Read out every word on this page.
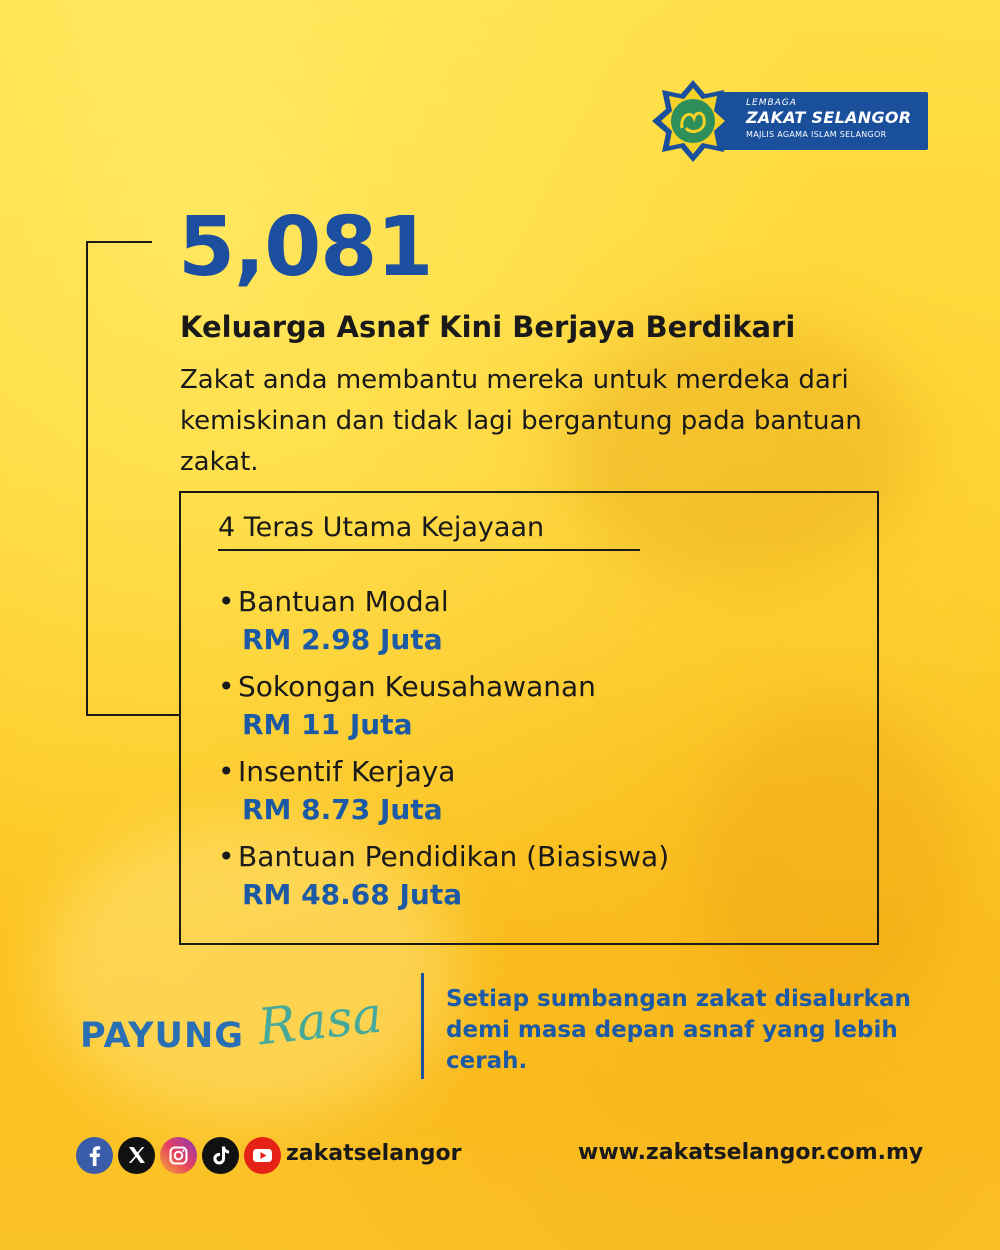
LEMBAGA
ZAKAT SELANGOR
MAJLIS AGAMA ISLAM SELANGOR
5,081
Keluarga Asnaf Kini Berjaya Berdikari
Zakat anda membantu mereka untuk merdeka dari kemiskinan dan tidak lagi bergantung pada bantuan zakat.
4 Teras Utama Kejayaan
• Bantuan Modal
RM 2.98 Juta
• Sokongan Keusahawanan
RM 11 Juta
• Insentif Kerjaya
RM 8.73 Juta
• Bantuan Pendidikan (Biasiswa)
RM 48.68 Juta
PAYUNG Rasa	Setiap sumbangan zakat disalurkan demi masa depan asnaf yang lebih cerah.
zakatselangor	www.zakatselangor.com.my
